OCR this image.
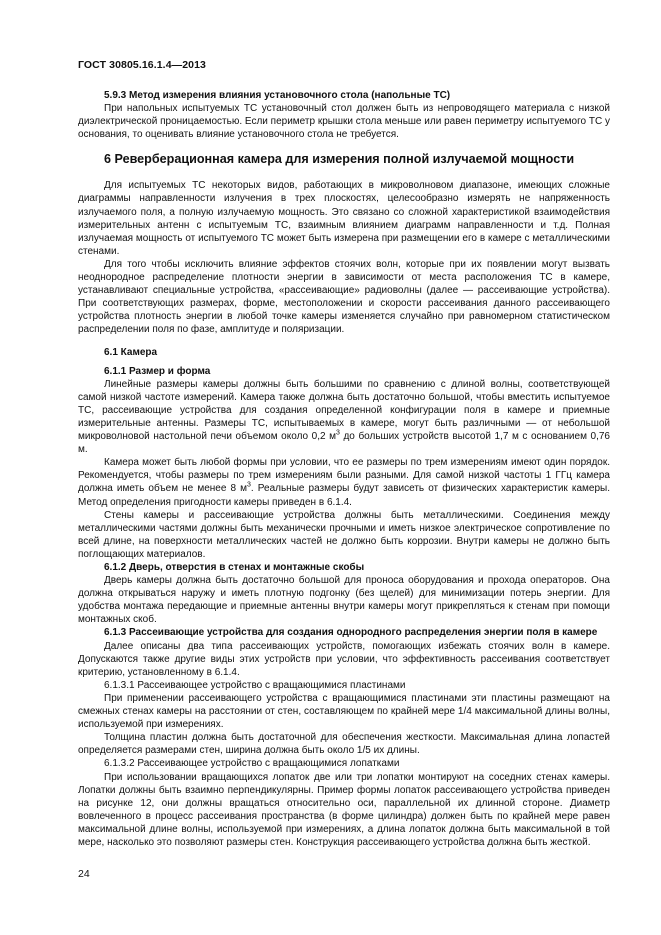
ГОСТ 30805.16.1.4—2013

5.9.3 Метод измерения влияния установочного стола (напольные ТС)

При напольных испытуемых ТС установочный стол должен быть из непроводящего материала с низкой диэлектрической проницаемостью. Если периметр крышки стола меньше или равен периметру испытуемого ТС у основания, то оценивать влияние установочного стола не требуется.

6 Реверберационная камера для измерения полной излучаемой мощности

Для испытуемых ТС некоторых видов, работающих в микроволновом диапазоне, имеющих сложные диаграммы направленности излучения в трех плоскостях, целесообразно измерять не напряженность излучаемого поля, а полную излучаемую мощность. Это связано со сложной характеристикой взаимодействия измерительных антенн с испытуемым ТС, взаимным влиянием диаграмм направленности и т.д. Полная излучаемая мощность от испытуемого ТС может быть измерена при размещении его в камере с металлическими стенами.

Для того чтобы исключить влияние эффектов стоячих волн, которые при их появлении могут вызвать неоднородное распределение плотности энергии в зависимости от места расположения ТС в камере, устанавливают специальные устройства, «рассеивающие» радиоволны (далее — рассеивающие устройства). При соответствующих размерах, форме, местоположении и скорости рассеивания данного рассеивающего устройства плотность энергии в любой точке камеры изменяется случайно при равномерном статистическом распределении поля по фазе, амплитуде и поляризации.

6.1 Камера

6.1.1 Размер и форма

Линейные размеры камеры должны быть большими по сравнению с длиной волны, соответствующей самой низкой частоте измерений. Камера также должна быть достаточно большой, чтобы вместить испытуемое ТС, рассеивающие устройства для создания определенной конфигурации поля в камере и приемные измерительные антенны. Размеры ТС, испытываемых в камере, могут быть различными — от небольшой микроволновой настольной печи объемом около 0,2 $м^3$ до больших устройств высотой 1,7 м с основанием 0,76 м.

Камера может быть любой формы при условии, что ее размеры по трем измерениям имеют один порядок. Рекомендуется, чтобы размеры по трем измерениям были разными. Для самой низкой частоты 1 ГГц камера должна иметь объем не менее 8 $м^3$. Реальные размеры будут зависеть от физических характеристик камеры. Метод определения пригодности камеры приведен в 6.1.4.

Стены камеры и рассеивающие устройства должны быть металлическими. Соединения между металлическими частями должны быть механически прочными и иметь низкое электрическое сопротивление по всей длине, на поверхности металлических частей не должно быть коррозии. Внутри камеры не должно быть поглощающих материалов.

6.1.2 Дверь, отверстия в стенах и монтажные скобы

Дверь камеры должна быть достаточно большой для проноса оборудования и прохода операторов. Она должна открываться наружу и иметь плотную подгонку (без щелей) для минимизации потерь энергии. Для удобства монтажа передающие и приемные антенны внутри камеры могут прикрепляться к стенам при помощи монтажных скоб.

6.1.3 Рассеивающие устройства для создания однородного распределения энергии поля в камере

Далее описаны два типа рассеивающих устройств, помогающих избежать стоячих волн в камере. Допускаются также другие виды этих устройств при условии, что эффективность рассеивания соответствует критерию, установленному в 6.1.4.

6.1.3.1 Рассеивающее устройство с вращающимися пластинами

При применении рассеивающего устройства с вращающимися пластинами эти пластины размещают на смежных стенах камеры на расстоянии от стен, составляющем по крайней мере 1/4 максимальной длины волны, используемой при измерениях.

Толщина пластин должна быть достаточной для обеспечения жесткости. Максимальная длина лопастей определяется размерами стен, ширина должна быть около 1/5 их длины.

6.1.3.2 Рассеивающее устройство с вращающимися лопатками

При использовании вращающихся лопаток две или три лопатки монтируют на соседних стенах камеры. Лопатки должны быть взаимно перпендикулярны. Пример формы лопаток рассеивающего устройства приведен на рисунке 12, они должны вращаться относительно оси, параллельной их длинной стороне. Диаметр вовлеченного в процесс рассеивания пространства (в форме цилиндра) должен быть по крайней мере равен максимальной длине волны, используемой при измерениях, а длина лопаток должна быть максимальной в той мере, насколько это позволяют размеры стен. Конструкция рассеивающего устройства должна быть жесткой.

24
